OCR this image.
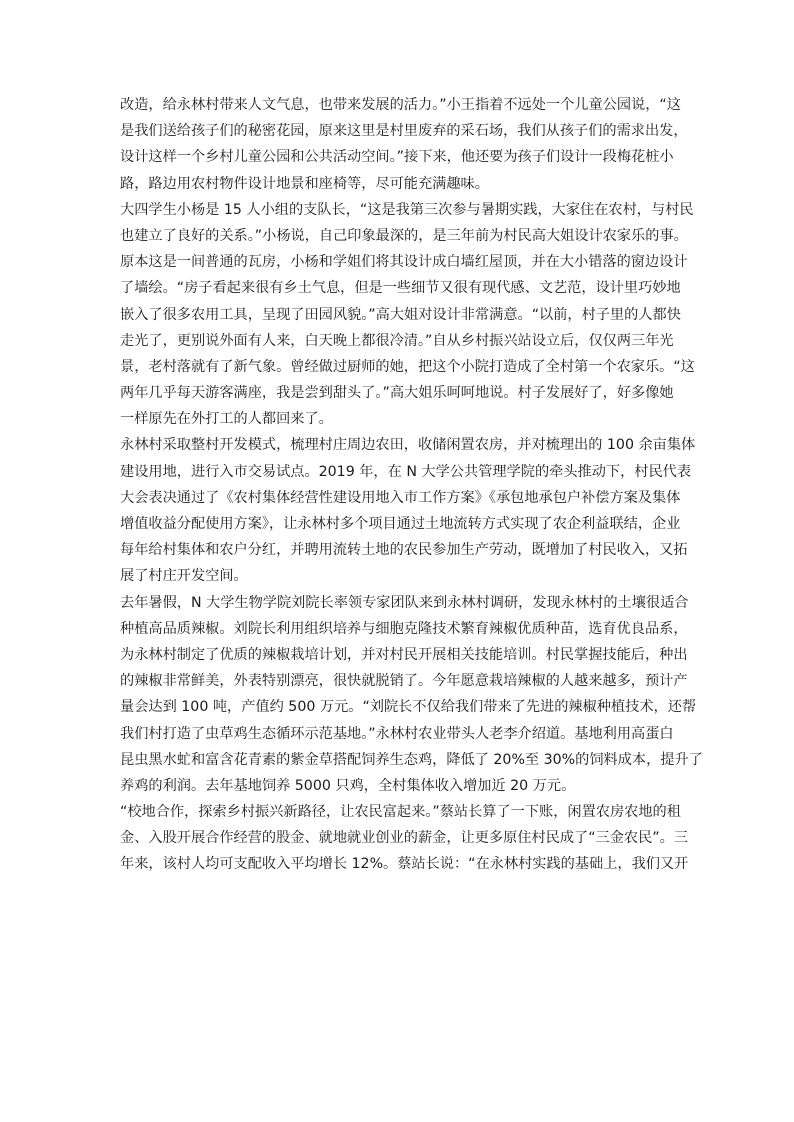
改造，给永林村带来人文气息，也带来发展的活力。”小王指着不远处一个儿童公园说，“这
是我们送给孩子们的秘密花园，原来这里是村里废弃的采石场，我们从孩子们的需求出发，
设计这样一个乡村儿童公园和公共活动空间。”接下来，他还要为孩子们设计一段梅花桩小
路，路边用农村物件设计地景和座椅等，尽可能充满趣味。
大四学生小杨是 15 人小组的支队长，“这是我第三次参与暑期实践，大家住在农村，与村民
也建立了良好的关系。”小杨说，自己印象最深的，是三年前为村民高大姐设计农家乐的事。
原本这是一间普通的瓦房，小杨和学姐们将其设计成白墙红屋顶，并在大小错落的窗边设计
了墙绘。“房子看起来很有乡土气息，但是一些细节又很有现代感、文艺范，设计里巧妙地
嵌入了很多农用工具，呈现了田园风貌。”高大姐对设计非常满意。“以前，村子里的人都快
走光了，更别说外面有人来，白天晚上都很冷清。”自从乡村振兴站设立后，仅仅两三年光
景，老村落就有了新气象。曾经做过厨师的她，把这个小院打造成了全村第一个农家乐。“这
两年几乎每天游客满座，我是尝到甜头了。”高大姐乐呵呵地说。村子发展好了，好多像她
一样原先在外打工的人都回来了。
永林村采取整村开发模式，梳理村庄周边农田，收储闲置农房，并对梳理出的 100 余亩集体
建设用地，进行入市交易试点。2019 年，在 N 大学公共管理学院的牵头推动下，村民代表
大会表决通过了《农村集体经营性建设用地入市工作方案》《承包地承包户补偿方案及集体
增值收益分配使用方案》，让永林村多个项目通过土地流转方式实现了农企利益联结，企业
每年给村集体和农户分红，并聘用流转土地的农民参加生产劳动，既增加了村民收入，又拓
展了村庄开发空间。
去年暑假，N 大学生物学院刘院长率领专家团队来到永林村调研，发现永林村的土壤很适合
种植高品质辣椒。刘院长利用组织培养与细胞克隆技术繁育辣椒优质种苗，选育优良品系，
为永林村制定了优质的辣椒栽培计划，并对村民开展相关技能培训。村民掌握技能后，种出
的辣椒非常鲜美，外表特别漂亮，很快就脱销了。今年愿意栽培辣椒的人越来越多，预计产
量会达到 100 吨，产值约 500 万元。“刘院长不仅给我们带来了先进的辣椒种植技术，还帮
我们村打造了虫草鸡生态循环示范基地。”永林村农业带头人老李介绍道。基地利用高蛋白
昆虫黑水虻和富含花青素的紫金草搭配饲养生态鸡，降低了 20%至 30%的饲料成本，提升了
养鸡的利润。去年基地饲养 5000 只鸡，全村集体收入增加近 20 万元。
“校地合作，探索乡村振兴新路径，让农民富起来。”蔡站长算了一下账，闲置农房农地的租
金、入股开展合作经营的股金、就地就业创业的薪金，让更多原住村民成了“三金农民”。三
年来，该村人均可支配收入平均增长 12%。蔡站长说：“在永林村实践的基础上，我们又开
